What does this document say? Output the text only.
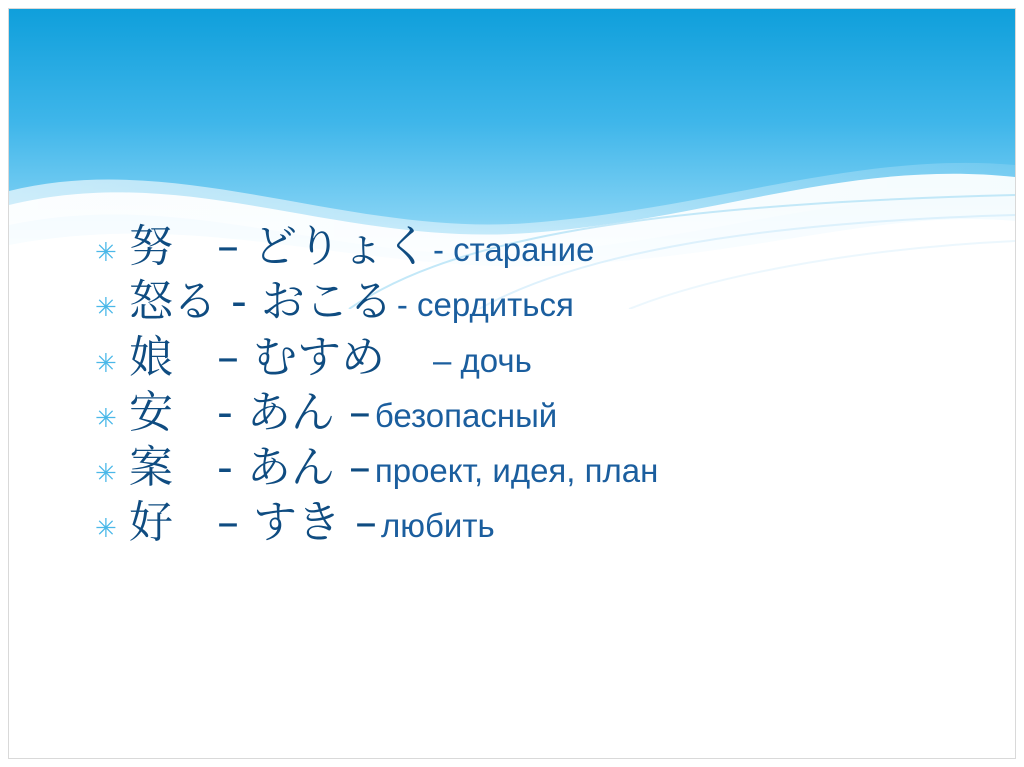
✳ 努　– どりょく - старание
✳ 怒る - おこる - сердиться
✳ 娘　– むすめ　 – дочь
✳ 安　- あん – безопасный
✳ 案　- あん – проект, идея, план
✳ 好　– すき – любить
